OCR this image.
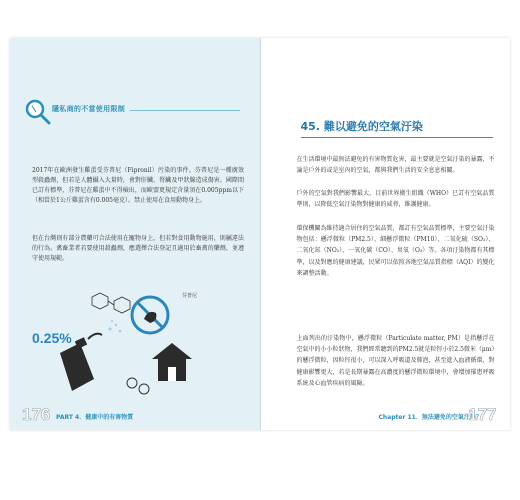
隱私商的不當使用限制
2017年在歐洲發生雞蛋受芬普尼（Fipronil）污染的事件。芬普尼是一種廣效型殺蟲劑，但若是人體攝入大量時，會對肝臟、腎臟及甲狀腺造成傷害。國際間已訂有標準，芬普尼在雞蛋中不得檢出，而歐盟更規定含量須在0.005ppm以下（相當於1公斤雞蛋含有0.005毫克）。禁止使用在食用動物身上。
但在台灣則有部分農藥可合法使用在寵物身上，但若對食用動物施用，則屬違法的行為。禽畜業者若要使用殺蟲劑，應選擇合法登記且適用於畜禽的藥劑，並遵守使用規範。
0.25%
芬普尼
176 PART 4．健康中的有害物質
45. 難以避免的空氣汙染
在生活環境中最無法避免的有害物質危害，最主要就是空氣汙染的暴露，不論是戶外的或是室內的空氣，都與我們生活的安全息息相關。
戶外的空氣對我們影響最大，目前世界衛生組織（WHO）已訂有空氣品質準則，以降低空氣汙染物對健康的威脅，維護健康。
環保機關為維持適合居住的空氣品質，都訂有空氣品質標準，主要空氣汙染物包括：懸浮微粒（PM2.5）、細懸浮微粒（PM10）、二氧化硫（SO₂）、二氧化氮（NO₂）、一氧化碳（CO）、臭氧（O₃）等。各項汙染物都有其標準，以及對應的健康建議，民眾可以依照各地空氣品質指標（AQI）的變化來調整活動。
上面列出的汙染物中，懸浮微粒（Particulate matter, PM）是指懸浮在空氣中的小小粒狀物，我們經常聽到的PM2.5就是粒徑小於2.5微米（μm）的懸浮微粒，因粒徑很小，可以深入呼吸道及肺泡，甚至進入血液循環，對健康影響更大，若是長期暴露在高濃度的懸浮微粒環境中，會增加罹患呼吸系統及心血管疾病的風險。
Chapter 11．無法避免的空氣汙染？
177
